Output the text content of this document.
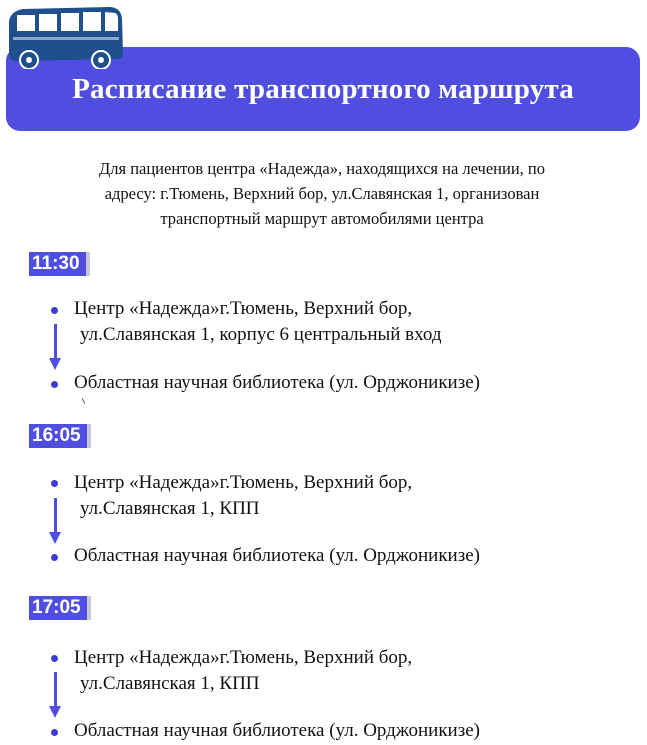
Расписание транспортного маршрута
Для пациентов центра «Надежда», находящихся на лечении, по
адресу: г.Тюмень, Верхний бор, ул.Славянская 1, организован
транспортный маршрут автомобилями центра
11:30
Центр «Надежда»г.Тюмень, Верхний бор,
ул.Славянская 1, корпус 6 центральный вход
Областная научная библиотека (ул. Орджоникизе)
16:05
Центр «Надежда»г.Тюмень, Верхний бор,
ул.Славянская 1, КПП
Областная научная библиотека (ул. Орджоникизе)
17:05
Центр «Надежда»г.Тюмень, Верхний бор,
ул.Славянская 1, КПП
Областная научная библиотека (ул. Орджоникизе)
